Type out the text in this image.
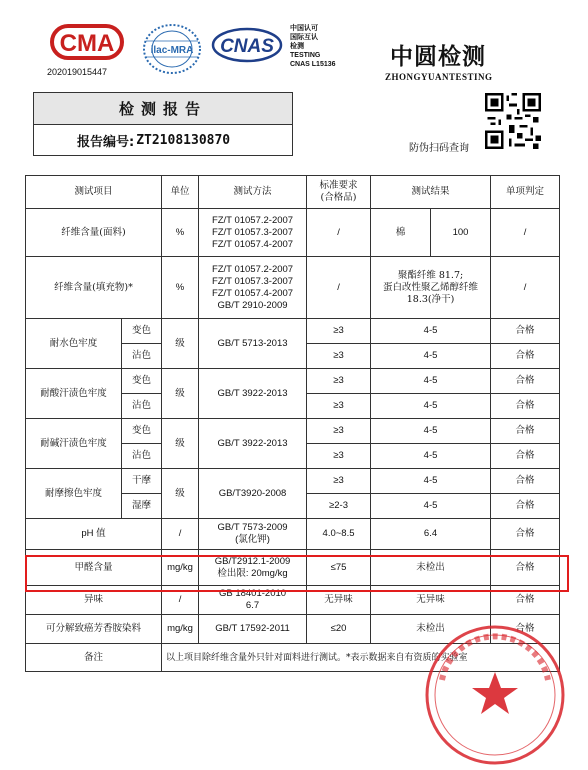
CMA
202019015447
ilac-MRA CNAS
中国认可
国际互认
检测
TESTING
CNAS L15136 中圆检测
ZHONGYUANTESTING
防伪扫码查询
检测报告
报告编号: ZT2108130870
测试项目		单位	测试方法	标准要求
(合格品)	测试结果		单项判定
纤维含量(面料)		%	FZ/T 01057.2-2007
FZ/T 01057.3-2007
FZ/T 01057.4-2007	/	棉	100	/
纤维含量(填充物)*		%	FZ/T 01057.2-2007
FZ/T 01057.3-2007
FZ/T 01057.4-2007
GB/T 2910-2009	/	聚酯纤维 81.7;
蛋白改性聚乙烯醇纤维
18.3(净干)		/
耐水色牢度	变色	级	GB/T 5713-2013	≥3	4-5		合格
	沾色			≥3	4-5		合格
耐酸汗渍色牢度	变色	级	GB/T 3922-2013	≥3	4-5		合格
	沾色			≥3	4-5		合格
耐碱汗渍色牢度	变色	级	GB/T 3922-2013	≥3	4-5		合格
	沾色			≥3	4-5		合格
耐摩擦色牢度	干摩	级	GB/T3920-2008	≥3	4-5		合格
	湿摩			≥2-3	4-5		合格
pH 值		/	GB/T 7573-2009
(氯化钾)	4.0~8.5	6.4		合格
甲醛含量		mg/kg	GB/T2912.1-2009
检出限: 20mg/kg	≤75	未检出		合格
异味		/	GB 18401-2010
6.7	无异味	无异味		合格
可分解致癌芳香胺染料		mg/kg	GB/T 17592-2011	≤20	未检出		合格
备注		以上项目除纤维含量外只针对面料进行测试。*表示数据来自有资质的实验室					
